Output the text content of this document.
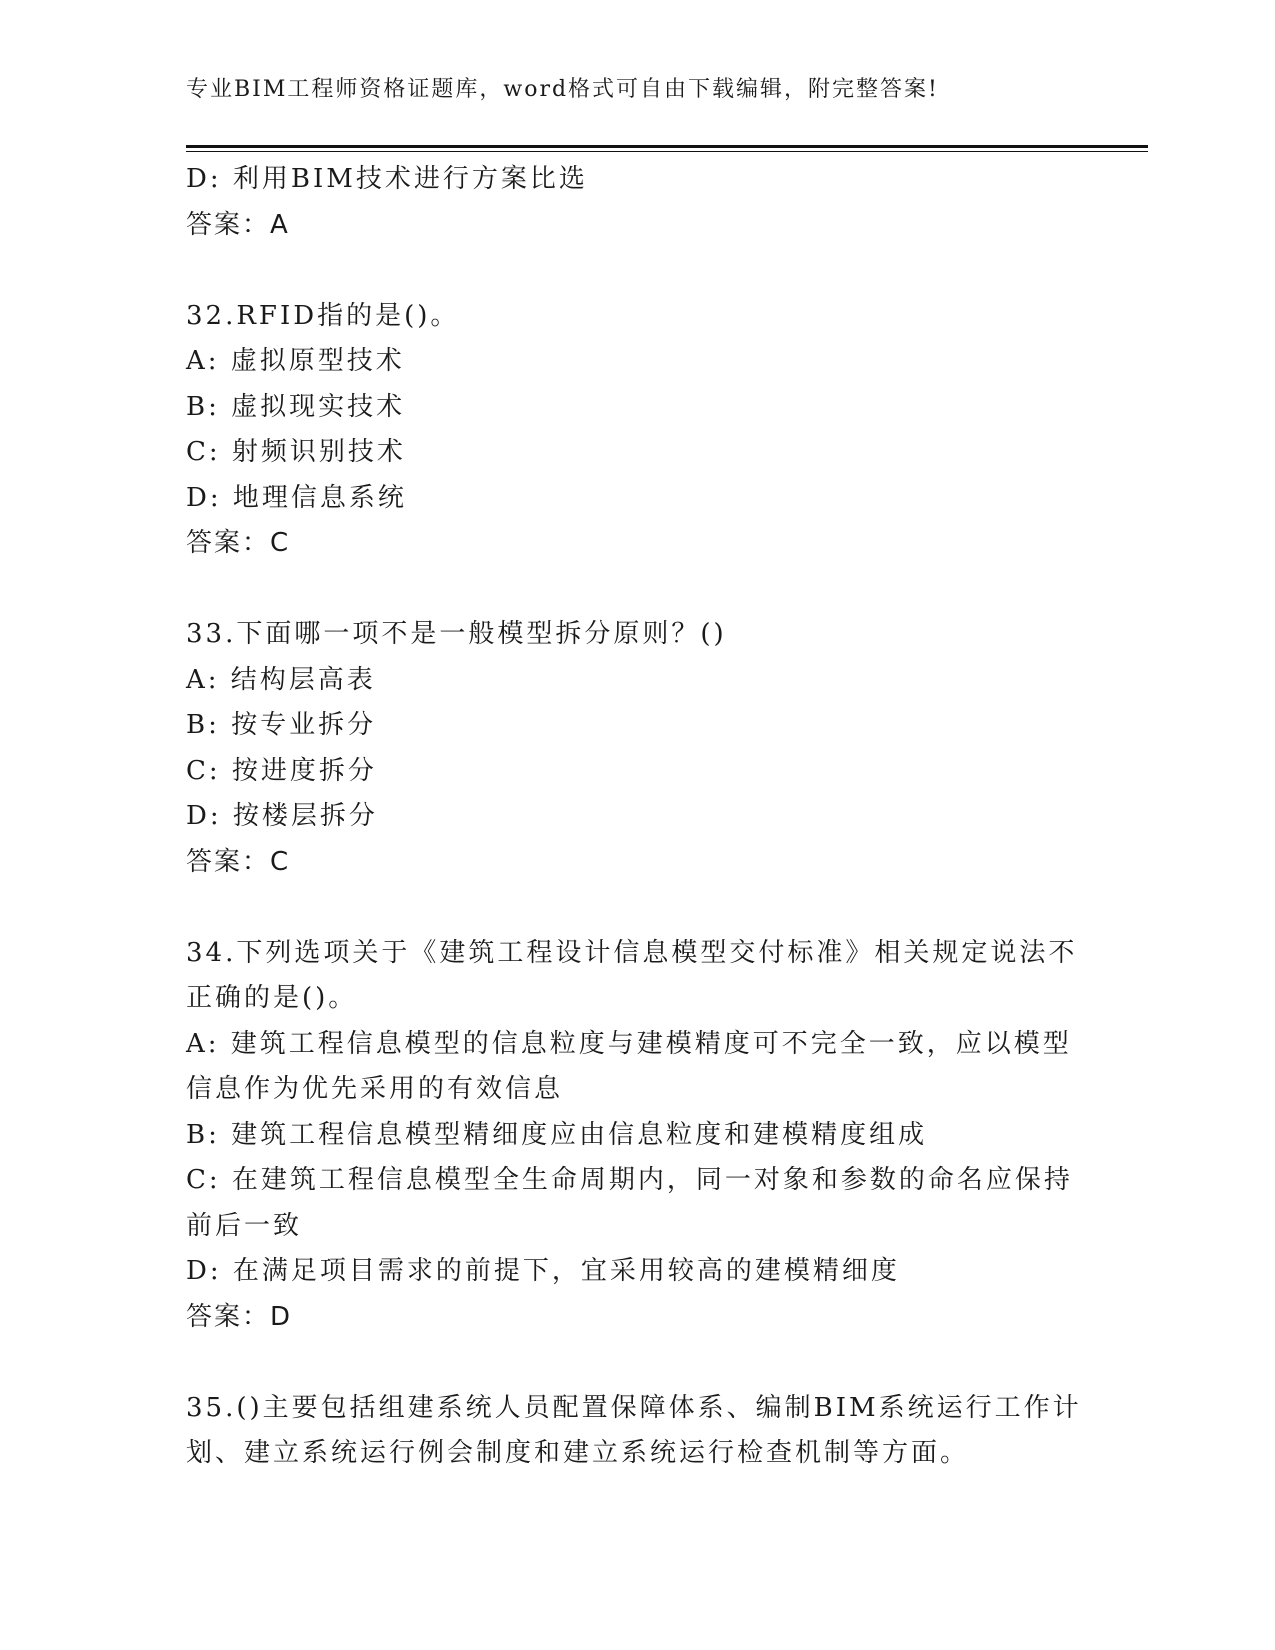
专业BIM工程师资格证题库，word格式可自由下载编辑，附完整答案!
D: 利用BIM技术进行方案比选
答案：A
32.RFID指的是()。
A: 虚拟原型技术
B: 虚拟现实技术
C: 射频识别技术
D: 地理信息系统
答案：C
33.下面哪一项不是一般模型拆分原则？()
A: 结构层高表
B: 按专业拆分
C: 按进度拆分
D: 按楼层拆分
答案：C
34.下列选项关于《建筑工程设计信息模型交付标准》相关规定说法不
正确的是()。
A: 建筑工程信息模型的信息粒度与建模精度可不完全一致，应以模型
信息作为优先采用的有效信息
B: 建筑工程信息模型精细度应由信息粒度和建模精度组成
C: 在建筑工程信息模型全生命周期内，同一对象和参数的命名应保持
前后一致
D: 在满足项目需求的前提下，宜采用较高的建模精细度
答案：D
35.()主要包括组建系统人员配置保障体系、编制BIM系统运行工作计
划、建立系统运行例会制度和建立系统运行检查机制等方面。
